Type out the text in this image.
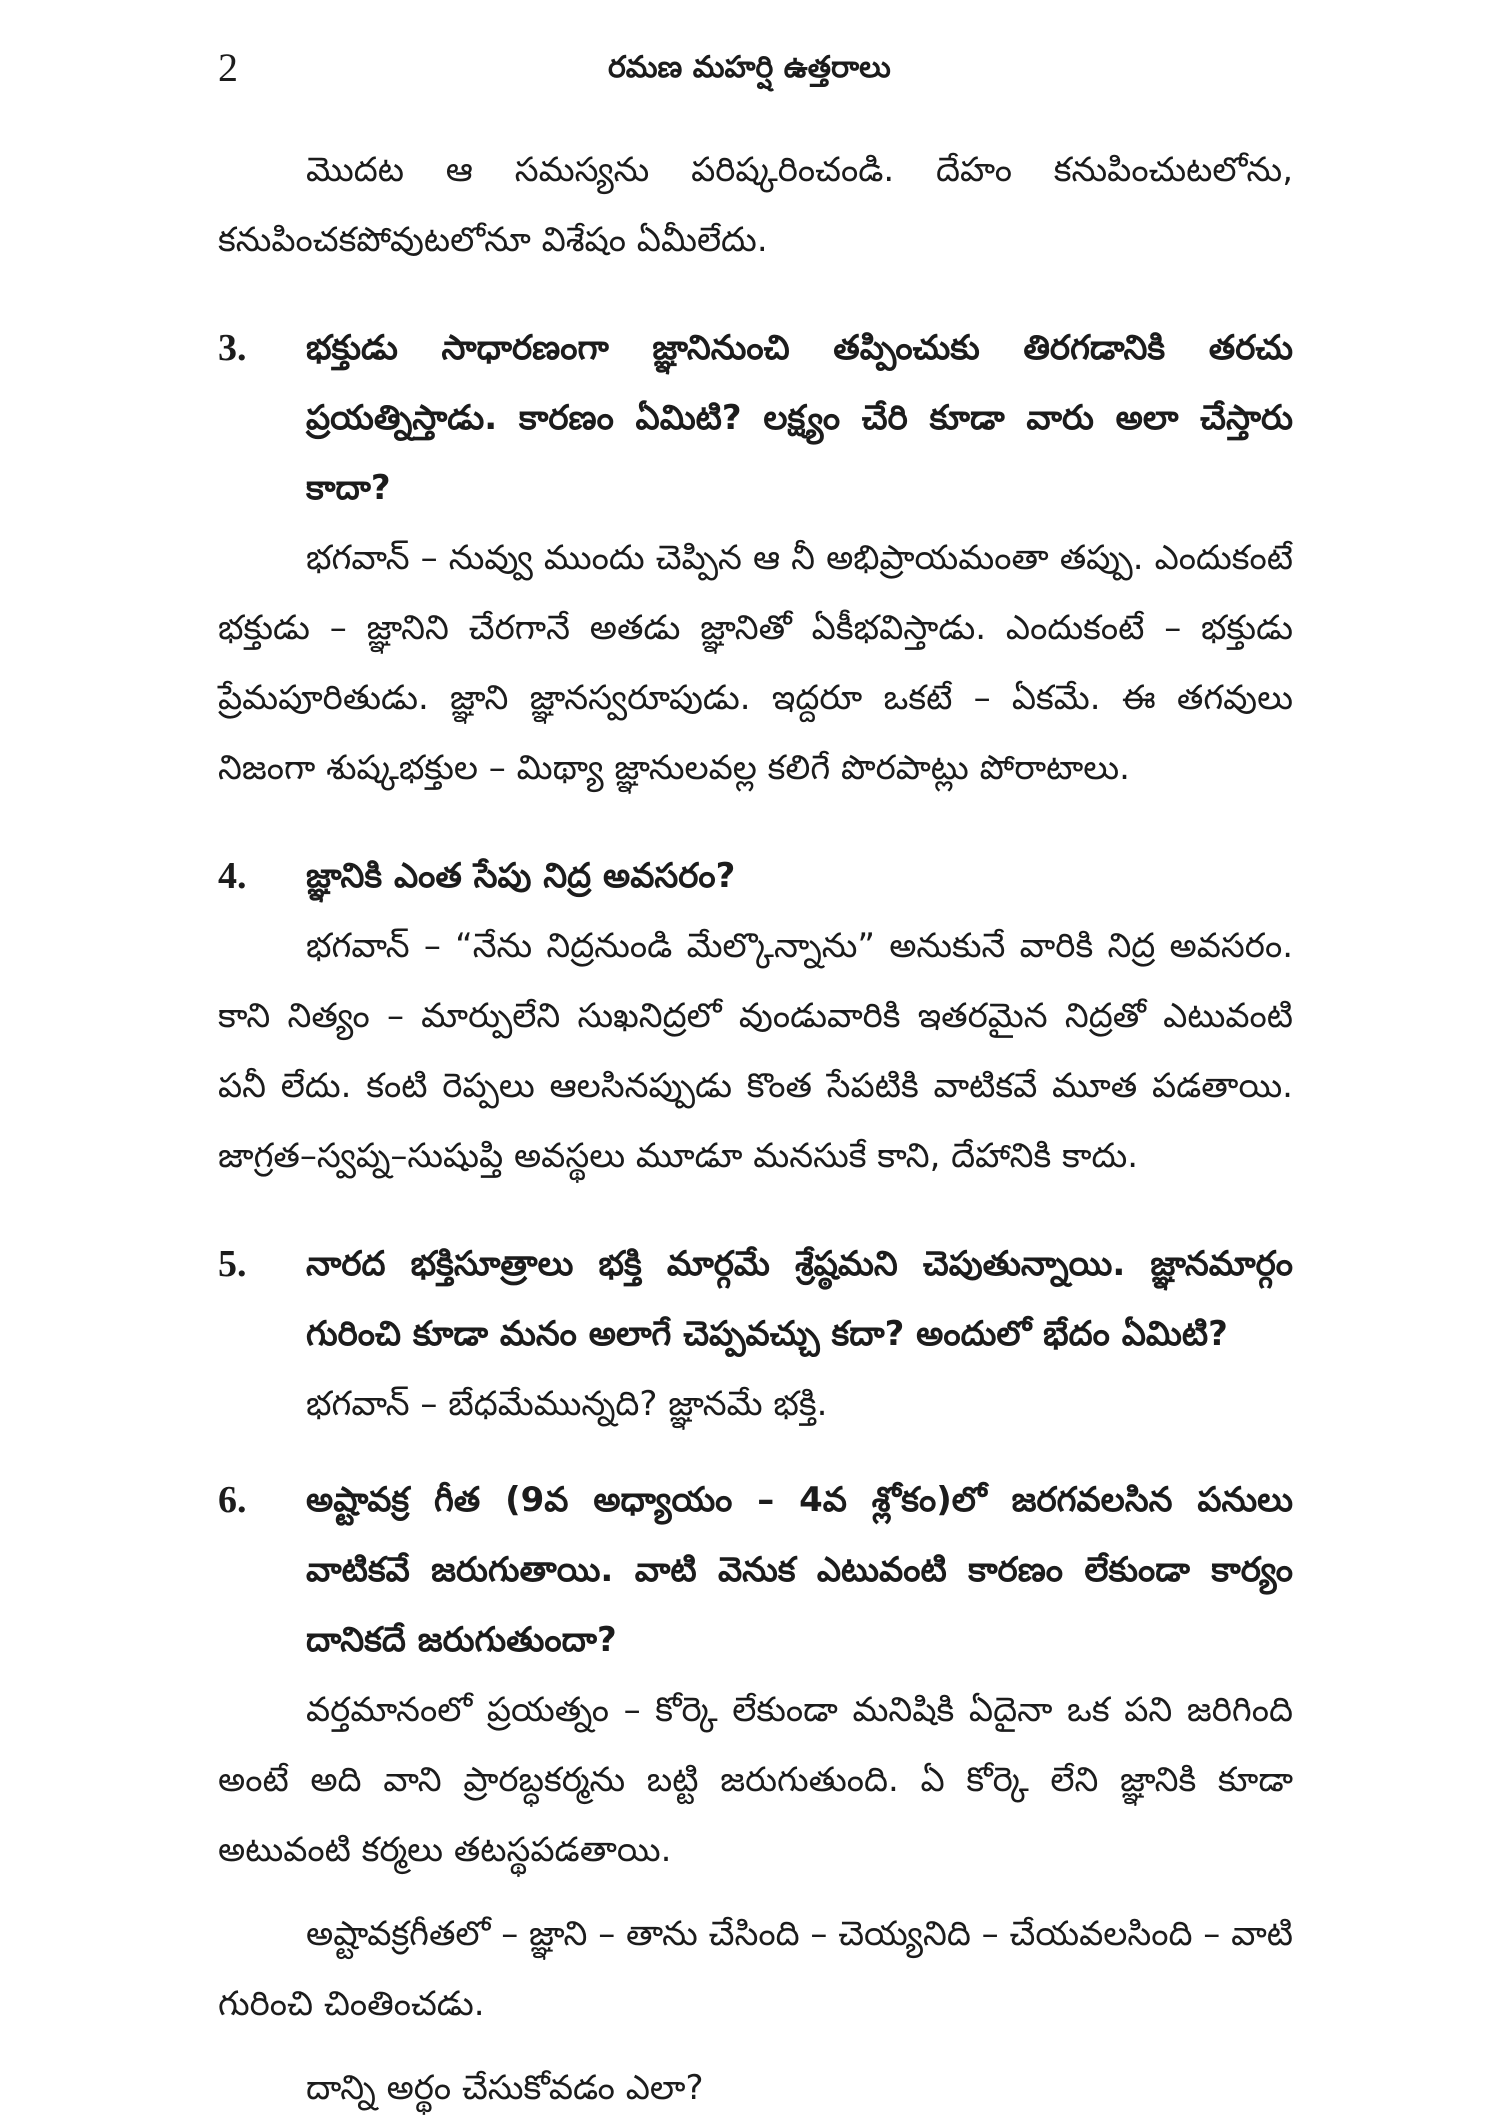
2	రమణ మహర్షి ఉత్తరాలు

మొదట ఆ సమస్యను పరిష్కరించండి. దేహం కనుపించుటలోను, కనుపించకపోవుటలోనూ విశేషం ఏమీలేదు.

3.	భక్తుడు సాధారణంగా జ్ఞానినుంచి తప్పించుకు తిరగడానికి తరచు ప్రయత్నిస్తాడు. కారణం ఏమిటి? లక్ష్యం చేరి కూడా వారు అలా చేస్తారు కాదా?

భగవాన్ – నువ్వు ముందు చెప్పిన ఆ నీ అభిప్రాయమంతా తప్పు. ఎందుకంటే భక్తుడు – జ్ఞానిని చేరగానే అతడు జ్ఞానితో ఏకీభవిస్తాడు. ఎందుకంటే – భక్తుడు ప్రేమపూరితుడు. జ్ఞాని జ్ఞానస్వరూపుడు. ఇద్దరూ ఒకటే – ఏకమే. ఈ తగవులు నిజంగా శుష్కభక్తుల – మిథ్యా జ్ఞానులవల్ల కలిగే పొరపాట్లు పోరాటాలు.

4.	జ్ఞానికి ఎంత సేపు నిద్ర అవసరం?

భగవాన్ – “నేను నిద్రనుండి మేల్కొన్నాను” అనుకునే వారికి నిద్ర అవసరం. కాని నిత్యం – మార్పులేని సుఖనిద్రలో వుండువారికి ఇతరమైన నిద్రతో ఎటువంటి పనీ లేదు. కంటి రెప్పలు ఆలసినప్పుడు కొంత సేపటికి వాటికవే మూత పడతాయి. జాగ్రత–స్వప్న–సుషుప్తి అవస్థలు మూడూ మనసుకే కాని, దేహానికి కాదు.

5.	నారద భక్తిసూత్రాలు భక్తి మార్గమే శ్రేష్ఠమని చెపుతున్నాయి. జ్ఞానమార్గం గురించి కూడా మనం అలాగే చెప్పవచ్చు కదా? అందులో భేదం ఏమిటి?

భగవాన్ – బేధమేమున్నది? జ్ఞానమే భక్తి.

6.	అష్టావక్ర గీత (9వ అధ్యాయం – 4వ శ్లోకం)లో జరగవలసిన పనులు వాటికవే జరుగుతాయి. వాటి వెనుక ఎటువంటి కారణం లేకుండా కార్యం దానికదే జరుగుతుందా?

వర్తమానంలో ప్రయత్నం – కోర్కె లేకుండా మనిషికి ఏదైనా ఒక పని జరిగింది అంటే అది వాని ప్రారబ్ధకర్మను బట్టి జరుగుతుంది. ఏ కోర్కె లేని జ్ఞానికి కూడా అటువంటి కర్మలు తటస్థపడతాయి.

అష్టావక్రగీతలో – జ్ఞాని – తాను చేసింది – చెయ్యనిది – చేయవలసింది – వాటి గురించి చింతించడు.

దాన్ని అర్థం చేసుకోవడం ఎలా?
